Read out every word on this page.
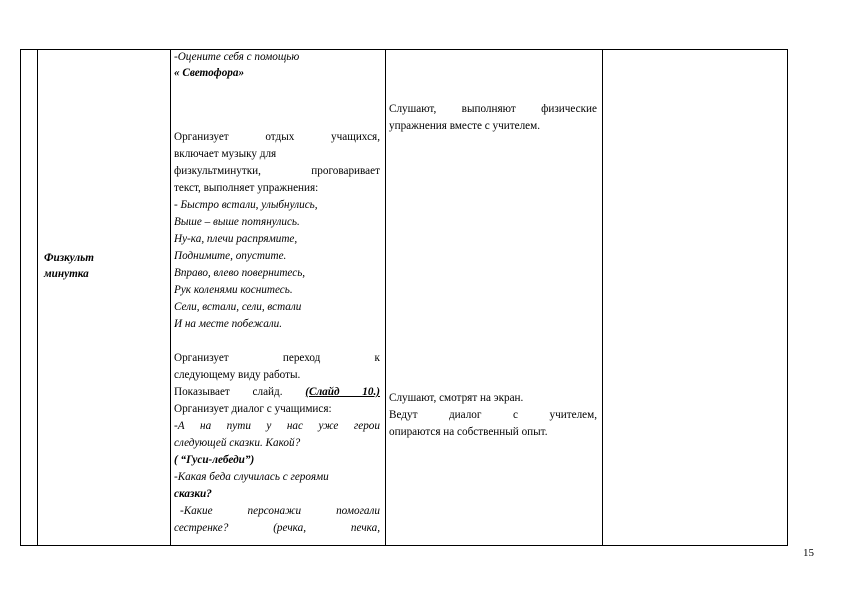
Физкульт минутка
-Оцените себя с помощью
« Светофора»
Организует отдых учащихся,
включает музыку для
физкультминутки, проговаривает
текст, выполняет упражнения:
- Быстро встали, улыбнулись,
Выше – выше потянулись.
Ну-ка, плечи распрямите,
Поднимите, опустите.
Вправо, влево повернитесь,
Рук коленями коснитесь.
Сели, встали, сели, встали
И на месте побежали.
Организует переход к
следующему виду работы.
Показывает слайд. (Слайд 10.)
Организует диалог с учащимися:
-А на пути у нас уже герои
следующей сказки. Какой?
( “Гуси-лебеди”)
-Какая беда случилась с героями
сказки?
-Какие персонажи помогали
сестренке? (речка, печка,
Слушают, выполняют физические
упражнения вместе с учителем.
Слушают, смотрят на экран.
Ведут диалог с учителем,
опираются на собственный опыт.
15
